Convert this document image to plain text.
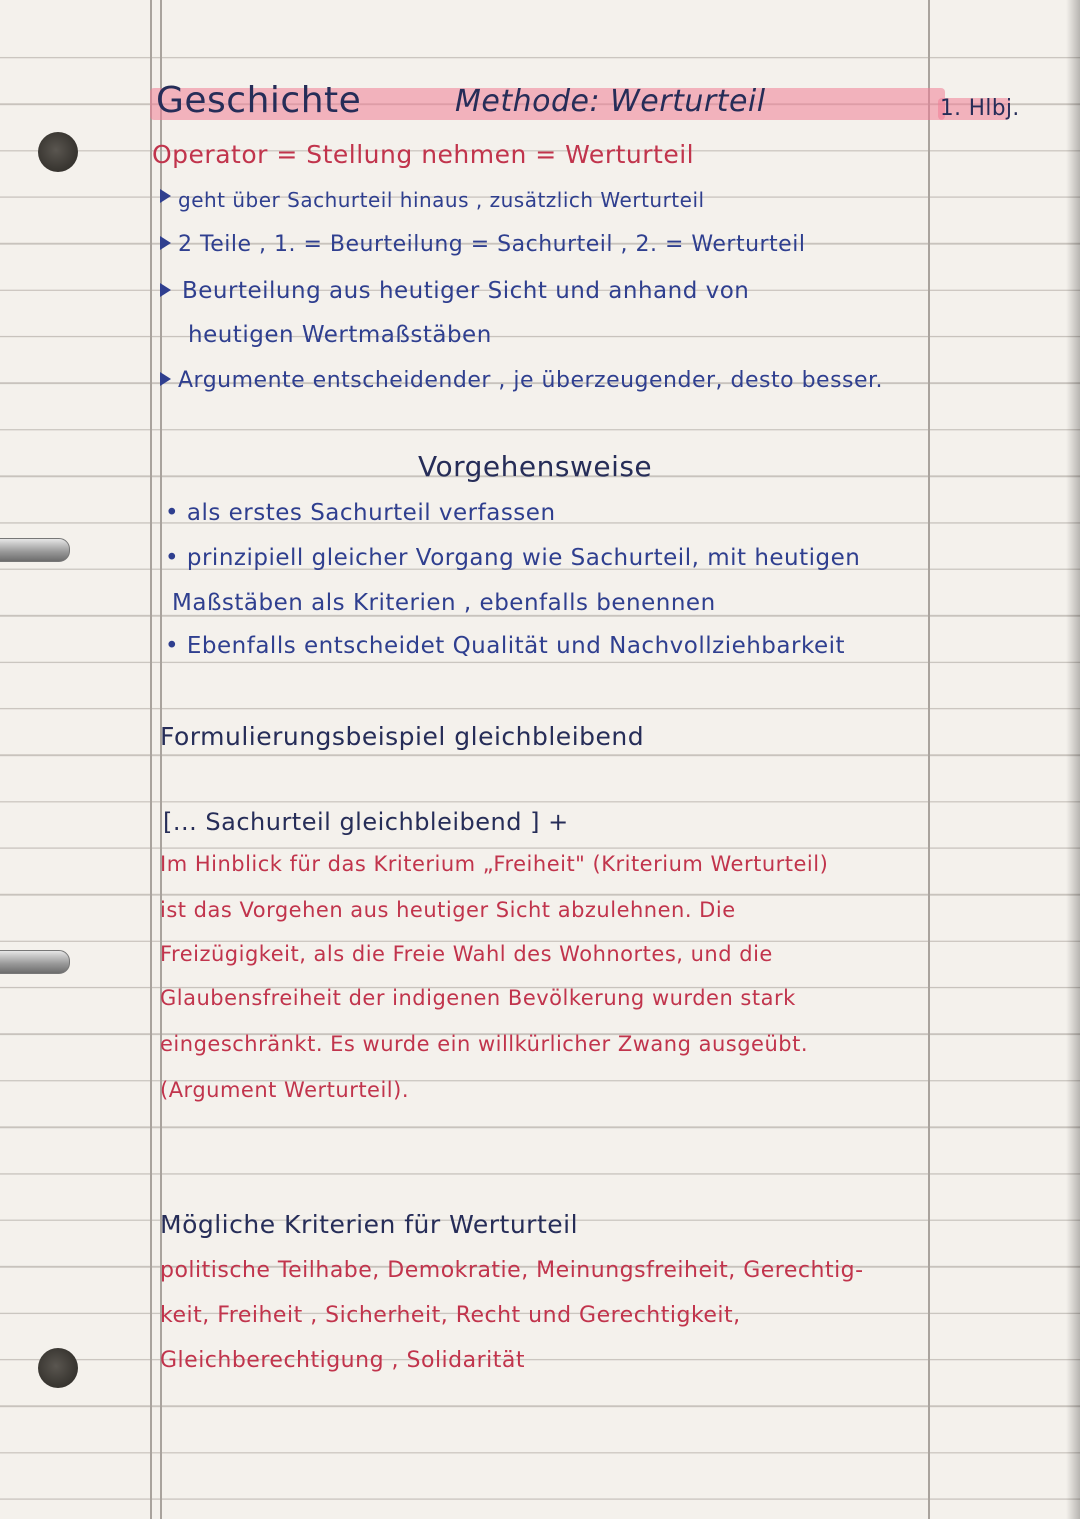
Geschichte	Methode: Werturteil	1. Hlbj.

Operator = Stellung nehmen = Werturteil

geht über Sachurteil hinaus , zusätzlich Werturteil

2 Teile , 1. = Beurteilung = Sachurteil , 2. = Werturteil

Beurteilung aus heutiger Sicht und anhand von

heutigen Wertmaßstäben

Argumente entscheidender , je überzeugender, desto besser.

Vorgehensweise

• als erstes Sachurteil verfassen

• prinzipiell gleicher Vorgang wie Sachurteil, mit heutigen

Maßstäben als Kriterien , ebenfalls benennen

• Ebenfalls entscheidet Qualität und Nachvollziehbarkeit

Formulierungsbeispiel gleichbleibend

[... Sachurteil gleichbleibend ] +

Im Hinblick für das Kriterium „Freiheit" (Kriterium Werturteil)

ist das Vorgehen aus heutiger Sicht abzulehnen. Die

Freizügigkeit, als die Freie Wahl des Wohnortes, und die

Glaubensfreiheit der indigenen Bevölkerung wurden stark

eingeschränkt. Es wurde ein willkürlicher Zwang ausgeübt.

(Argument Werturteil).

Mögliche Kriterien für Werturteil

politische Teilhabe, Demokratie, Meinungsfreiheit, Gerechtig-

keit, Freiheit , Sicherheit, Recht und Gerechtigkeit,

Gleichberechtigung , Solidarität
